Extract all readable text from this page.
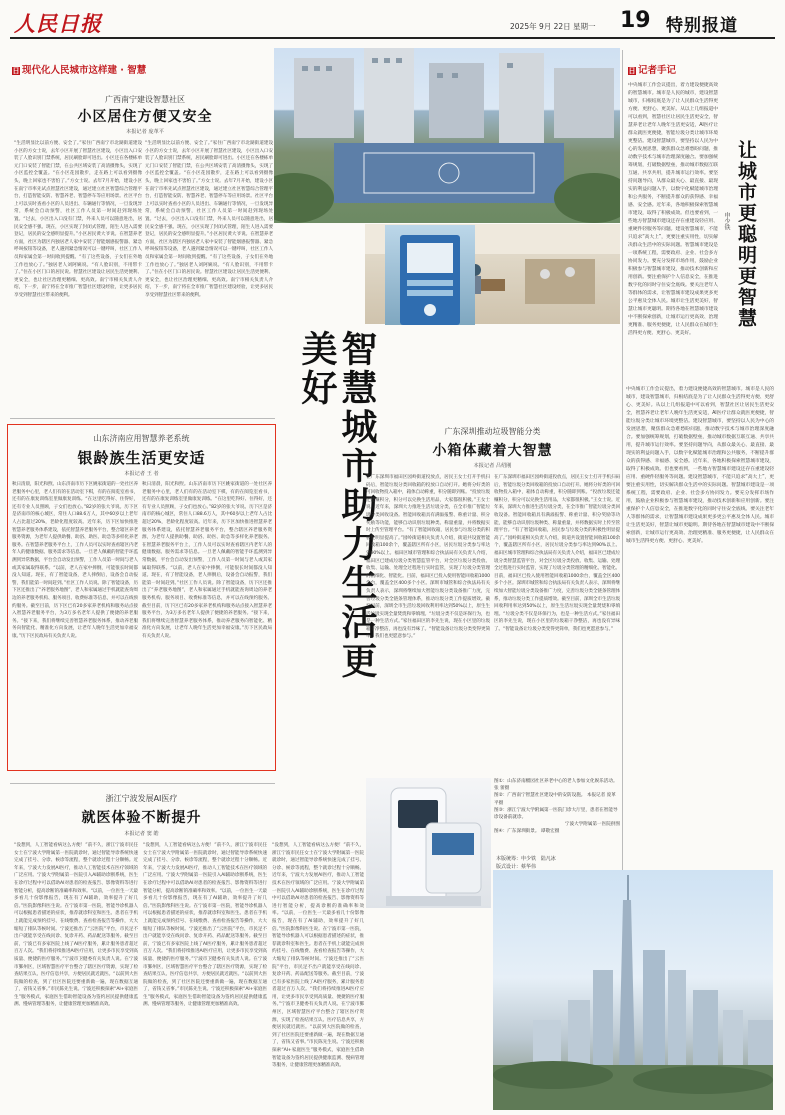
人民日报	2025年 9月 22日 星期一 19 特别报道
日 现代化人民城市这样建 · 智慧
广西南宁建设智慧社区
小区居住方便又安全
本报记者 庞革平
“生活明显比以前方便、安全了。”家住广西南宁市北湖街道建设小区的方女士说，去年小区开展了智慧社区建设，小区出入口安装了人脸识别门禁系统，居民刷脸即可进出。小区还在各楼栋单元门口安装了智能门禁，在公共区域安装了高清摄像头，实现了小区监控全覆盖。“在小区花园散步，走在路上可以看到摄像头，晚上回家也不害怕了。”方女士说。去年7月开始，建设小区在南宁市率先试点智慧社区建设，通过建立社区智慧综合管理平台，打造智能安防、智慧养老、智慧停车等应用场景。社区平台上可以实时查看小区的人员进出、车辆通行等情况，一旦发现异常，系统会自动预警，社区工作人员第一时间赶到现场处置。“过去，小区出入口没有门禁，外来人员可以随意进出，居民安全感不强。现在，小区实现了封闭式管理，陌生人进入需要登记，居民的安全感明显提升。”小区居民黄大爷说。在智慧养老方面，社区为辖区内独居老人家中安装了智能烟感报警器、紧急呼叫按钮等设备，老人遇到紧急情况可以一键呼叫，社区工作人员和家属会第一时间收到提醒。“有了这些设备，子女们在外地工作也放心了。”独居老人刘阿姨说。“有人脸识别，不用带卡了。”住在小区门口的居民说。智慧社区建设让居民生活更便利、更安全，也让社区治理更精细、更高效。南宁市相关负责人介绍，下一步，南宁将在全市推广智慧社区建设经验，让更多居民享受到智慧社区带来的便利。
“生活明显比以前方便、安全了。”家住广西南宁市北湖街道建设小区的方女士说，去年小区开展了智慧社区建设，小区出入口安装了人脸识别门禁系统，居民刷脸即可进出。小区还在各楼栋单元门口安装了智能门禁，在公共区域安装了高清摄像头，实现了小区监控全覆盖。“在小区花园散步，走在路上可以看到摄像头，晚上回家也不害怕了。”方女士说。去年7月开始，建设小区在南宁市率先试点智慧社区建设，通过建立社区智慧综合管理平台，打造智能安防、智慧养老、智慧停车等应用场景。社区平台上可以实时查看小区的人员进出、车辆通行等情况，一旦发现异常，系统会自动预警，社区工作人员第一时间赶到现场处置。“过去，小区出入口没有门禁，外来人员可以随意进出，居民安全感不强。现在，小区实现了封闭式管理，陌生人进入需要登记，居民的安全感明显提升。”小区居民黄大爷说。在智慧养老方面，社区为辖区内独居老人家中安装了智能烟感报警器、紧急呼叫按钮等设备，老人遇到紧急情况可以一键呼叫，社区工作人员和家属会第一时间收到提醒。“有了这些设备，子女们在外地工作也放心了。”独居老人刘阿姨说。“有人脸识别，不用带卡了。”住在小区门口的居民说。智慧社区建设让居民生活更便利、更安全，也让社区治理更精细、更高效。南宁市相关负责人介绍，下一步，南宁将在全市推广智慧社区建设经验，让更多居民享受到智慧社区带来的便利。
智慧城市助力生活更美好
山东济南应用智慧养老系统
银龄族生活更安适
本报记者 王 者
秋日清晨，阳光和煦。山东济南市历下区姚家街道的一处社区养老服务中心里，老人们有的在活动室下棋，有的在阅览室看书，还有的在康复训练室里做康复训练。“在这里吃得好、住得好，还有专业人员照顾，子女们也放心。”82岁的张大爷说。历下区是济南市的核心城区，常住人口88.6万人，其中60岁以上老年人占比超过20%，老龄化程度较高。近年来，历下区加快推进智慧养老服务体系建设，依托智慧养老服务平台，整合辖区养老服务资源，为老年人提供助餐、助浴、助医、助急等多样化养老服务。在智慧养老服务平台上，工作人员可以实时查看辖区内老年人的健康数据、服务需求等信息。一旦老人佩戴的智能手环监测到异常数据，平台会自动发出预警，工作人员第一时间与老人或其家属取得联系。“以前，老人在家中摔倒，可能很长时间都没人知道。现在，有了智能设备，老人摔倒后，设备会自动报警，我们能第一时间赶到。”社区工作人员说。除了智能设备，历下区还推出了“养老服务地图”，老人和家属通过手机就能查询周边的养老服务机构、服务项目、收费标准等信息，并可以在线预约服务。截至目前，历下区已有20多家养老机构和服务站点接入智慧养老服务平台，为3万多名老年人提供了便捷的养老服务。“接下来，我们将继续完善智慧养老服务体系，推动养老服务向智能化、精准化方向发展，让老年人晚年生活更加幸福安康。”历下区民政局有关负责人说。
秋日清晨，阳光和煦。山东济南市历下区姚家街道的一处社区养老服务中心里，老人们有的在活动室下棋，有的在阅览室看书，还有的在康复训练室里做康复训练。“在这里吃得好、住得好，还有专业人员照顾，子女们也放心。”82岁的张大爷说。历下区是济南市的核心城区，常住人口88.6万人，其中60岁以上老年人占比超过20%，老龄化程度较高。近年来，历下区加快推进智慧养老服务体系建设，依托智慧养老服务平台，整合辖区养老服务资源，为老年人提供助餐、助浴、助医、助急等多样化养老服务。在智慧养老服务平台上，工作人员可以实时查看辖区内老年人的健康数据、服务需求等信息。一旦老人佩戴的智能手环监测到异常数据，平台会自动发出预警，工作人员第一时间与老人或其家属取得联系。“以前，老人在家中摔倒，可能很长时间都没人知道。现在，有了智能设备，老人摔倒后，设备会自动报警，我们能第一时间赶到。”社区工作人员说。除了智能设备，历下区还推出了“养老服务地图”，老人和家属通过手机就能查询周边的养老服务机构、服务项目、收费标准等信息，并可以在线预约服务。截至目前，历下区已有20多家养老机构和服务站点接入智慧养老服务平台，为3万多名老年人提供了便捷的养老服务。“接下来，我们将继续完善智慧养老服务体系，推动养老服务向智能化、精准化方向发展，让老年人晚年生活更加幸福安康。”历下区民政局有关负责人说。
广东深圳推动垃圾智能分类
小箱体藏着大智慧
本报记者 吕绍刚
在广东深圳市福田区园岭街道投放点，居民王女士打开手机扫码后，智能垃圾分类回收箱的投放口自动打开。她将分好类的可回收物投入箱中，箱体自动称重，积分随即到账。“投放垃圾还能赚积分，积分可以兑换生活用品，大家都很积极。”王女士说。近年来，深圳大力推进生活垃圾分类，在全市推广智能垃圾分类回收设备。智能回收箱具有满溢报警、称重计量、积分奖励等功能，能够自动识别垃圾种类、称量重量，并将数据实时上传至管理平台。“有了智能回收箱，居民参与垃圾分类的积极性明显提高了。”园岭街道相关负责人介绍，街道共设置智能回收箱100余个，覆盖辖区所有小区，居民垃圾分类参与率达到90%以上。福田区城市管理和综合执法局有关负责人介绍，福田区已建成垃圾分类智慧监管平台，对全区垃圾分类投放、收集、运输、处理全过程进行实时监管，实现了垃圾分类管理的精细化、智能化。目前，福田区已投入使用智能回收箱1000余台，覆盖全区400多个小区。深圳市城管和综合执法局有关负责人表示，深圳将继续加大智能垃圾分类设备推广力度，完善垃圾分类全链条管理体系，推动垃圾分类工作提质增效。截至目前，深圳全市生活垃圾回收利用率达到50%以上，原生生活垃圾实现全量焚烧和零填埋。“垃圾分类不仅是环保行为，也是一种生活方式。”家住福田区的李先生说，现在小区里的垃圾箱干净整洁，再也没有异味了。“智能设备让垃圾分类变得更简单，我们也更愿意参与。”
在广东深圳市福田区园岭街道投放点，居民王女士打开手机扫码后，智能垃圾分类回收箱的投放口自动打开。她将分好类的可回收物投入箱中，箱体自动称重，积分随即到账。“投放垃圾还能赚积分，积分可以兑换生活用品，大家都很积极。”王女士说。近年来，深圳大力推进生活垃圾分类，在全市推广智能垃圾分类回收设备。智能回收箱具有满溢报警、称重计量、积分奖励等功能，能够自动识别垃圾种类、称量重量，并将数据实时上传至管理平台。“有了智能回收箱，居民参与垃圾分类的积极性明显提高了。”园岭街道相关负责人介绍，街道共设置智能回收箱100余个，覆盖辖区所有小区，居民垃圾分类参与率达到90%以上。福田区城市管理和综合执法局有关负责人介绍，福田区已建成垃圾分类智慧监管平台，对全区垃圾分类投放、收集、运输、处理全过程进行实时监管，实现了垃圾分类管理的精细化、智能化。目前，福田区已投入使用智能回收箱1000余台，覆盖全区400多个小区。深圳市城管和综合执法局有关负责人表示，深圳将继续加大智能垃圾分类设备推广力度，完善垃圾分类全链条管理体系，推动垃圾分类工作提质增效。截至目前，深圳全市生活垃圾回收利用率达到50%以上，原生生活垃圾实现全量焚烧和零填埋。“垃圾分类不仅是环保行为，也是一种生活方式。”家住福田区的李先生说，现在小区里的垃圾箱干净整洁，再也没有异味了。“智能设备让垃圾分类变得更简单，我们也更愿意参与。”
图①：山东济南榴园社区养老中心的老人参加文化娱乐活动。 张 蕾摄
图②：广西南宁智慧社区建设中的安防设施。 本报记者 庞革平摄
图③：浙江宁波大学附属第一医院门诊大厅里，患者在智能导诊设备前就诊。
宁波大学附属第一医院供图
图④：广东深圳街景。 谭敬宏摄
本版统筹：申少铁   陆凡冰
版式设计：蔡华伟
浙江宁波发展AI医疗
就医体验不断提升
本报记者 窦 皓
“没想到，人工智能看病这么方便！”前不久，浙江宁波市民任女士在宁波大学附属第一医院就诊时，通过智能导诊系统快速完成了挂号、分诊、候诊等流程，整个就诊过程十分顺畅。近年来，宁波大力发展AI医疗，推动人工智能技术在医疗领域的广泛应用。宁波大学附属第一医院引入AI辅助诊断系统，医生在诊疗过程中可以借助AI对患者的检查报告、影像资料等进行智能分析，提高诊断的准确率和效率。“以前，一位医生一天最多看几十份影像报告，现在有了AI辅助，效率提升了好几倍。”医院影像科医生说。在宁波市第一医院，智能导诊机器人可以根据患者描述的症状，推荐就诊科室和医生。患者在手机上就能完成预约挂号、在线缴费、查看检查报告等操作，大大缩短了排队等候时间。宁波还推出了“云医院”平台，市民足不出户就能享受在线问诊、复诊开药、药品配送等服务。截至目前，宁波已有多家医院上线了AI医疗服务，累计服务患者超过百万人次。“我们将持续推进AI医疗应用，让更多市民享受到高质量、便捷的医疗服务。”宁波市卫健委有关负责人说。在宁波市鄞州区，区域智慧医疗平台整合了辖区医疗资源，实现了检查结果互认、医疗信息共享，方便居民就近就医。“以前到大医院做的检查，到了社区医院还要重新做一遍，现在数据互通了，省钱又省事。”市民陈先生说。宁波还积极探索“AI+家庭医生”服务模式，家庭医生借助智能设备为签约居民提供健康监测、慢病管理等服务，让健康管理更加精准高效。
“没想到，人工智能看病这么方便！”前不久，浙江宁波市民任女士在宁波大学附属第一医院就诊时，通过智能导诊系统快速完成了挂号、分诊、候诊等流程，整个就诊过程十分顺畅。近年来，宁波大力发展AI医疗，推动人工智能技术在医疗领域的广泛应用。宁波大学附属第一医院引入AI辅助诊断系统，医生在诊疗过程中可以借助AI对患者的检查报告、影像资料等进行智能分析，提高诊断的准确率和效率。“以前，一位医生一天最多看几十份影像报告，现在有了AI辅助，效率提升了好几倍。”医院影像科医生说。在宁波市第一医院，智能导诊机器人可以根据患者描述的症状，推荐就诊科室和医生。患者在手机上就能完成预约挂号、在线缴费、查看检查报告等操作，大大缩短了排队等候时间。宁波还推出了“云医院”平台，市民足不出户就能享受在线问诊、复诊开药、药品配送等服务。截至目前，宁波已有多家医院上线了AI医疗服务，累计服务患者超过百万人次。“我们将持续推进AI医疗应用，让更多市民享受到高质量、便捷的医疗服务。”宁波市卫健委有关负责人说。在宁波市鄞州区，区域智慧医疗平台整合了辖区医疗资源，实现了检查结果互认、医疗信息共享，方便居民就近就医。“以前到大医院做的检查，到了社区医院还要重新做一遍，现在数据互通了，省钱又省事。”市民陈先生说。宁波还积极探索“AI+家庭医生”服务模式，家庭医生借助智能设备为签约居民提供健康监测、慢病管理等服务，让健康管理更加精准高效。
“没想到，人工智能看病这么方便！”前不久，浙江宁波市民任女士在宁波大学附属第一医院就诊时，通过智能导诊系统快速完成了挂号、分诊、候诊等流程，整个就诊过程十分顺畅。近年来，宁波大力发展AI医疗，推动人工智能技术在医疗领域的广泛应用。宁波大学附属第一医院引入AI辅助诊断系统，医生在诊疗过程中可以借助AI对患者的检查报告、影像资料等进行智能分析，提高诊断的准确率和效率。“以前，一位医生一天最多看几十份影像报告，现在有了AI辅助，效率提升了好几倍。”医院影像科医生说。在宁波市第一医院，智能导诊机器人可以根据患者描述的症状，推荐就诊科室和医生。患者在手机上就能完成预约挂号、在线缴费、查看检查报告等操作，大大缩短了排队等候时间。宁波还推出了“云医院”平台，市民足不出户就能享受在线问诊、复诊开药、药品配送等服务。截至目前，宁波已有多家医院上线了AI医疗服务，累计服务患者超过百万人次。“我们将持续推进AI医疗应用，让更多市民享受到高质量、便捷的医疗服务。”宁波市卫健委有关负责人说。在宁波市鄞州区，区域智慧医疗平台整合了辖区医疗资源，实现了检查结果互认、医疗信息共享，方便居民就近就医。“以前到大医院做的检查，到了社区医院还要重新做一遍，现在数据互通了，省钱又省事。”市民陈先生说。宁波还积极探索“AI+家庭医生”服务模式，家庭医生借助智能设备为签约居民提供健康监测、慢病管理等服务，让健康管理更加精准高效。
日 记者手记
让城市更聪明更智慧
申少铁
中央城市工作会议提出，着力建设便捷高效的智慧城市。城市是人民的城市，建设智慧城市，归根结底是为了让人民群众生活得更方便、更舒心、更美好。从以上几组报道中可以看到，智慧社区让居民生活更安全，智慧养老让老年人晚年生活更安适，AI医疗让群众就医更便捷，智能垃圾分类让城市环境更整洁。建设智慧城市，要坚持以人民为中心的发展思想，聚焦群众急难愁盼问题，推动数字技术与城市治理深度融合。要加强统筹规划，打破数据壁垒，推动城市数据互联互通、共享共用，提升城市运行效率。要坚持问题导向，从群众最关心、最直接、最现实的利益问题入手，以数字化赋能城市治理和公共服务，不断提升群众的获得感、幸福感、安全感。近年来，各地积极探索智慧城市建设，取得了积极成效。但也要看到，一些地方智慧城市建设还存在重建设轻应用、重硬件轻服务等问题。建设智慧城市，不能只追求“高大上”，更要注重实用性，切实解决群众生活中的实际问题。智慧城市建设是一项系统工程，需要政府、企业、社会多方协同发力。要充分发挥市场作用，鼓励企业积极参与智慧城市建设，推动技术创新和应用创新。要注重保护个人信息安全，在推进数字化的同时守住安全底线。要关注老年人等群体的需求，让智慧城市建设成果更多更公平惠及全体人民。城市让生活更美好，智慧让城市更聪明。期待各地在智慧城市建设中不断探索创新，让城市运行更高效、治理更精准、服务更便捷，让人民群众在城市生活得更方便、更舒心、更美好。
中央城市工作会议提出，着力建设便捷高效的智慧城市。城市是人民的城市，建设智慧城市，归根结底是为了让人民群众生活得更方便、更舒心、更美好。从以上几组报道中可以看到，智慧社区让居民生活更安全，智慧养老让老年人晚年生活更安适，AI医疗让群众就医更便捷，智能垃圾分类让城市环境更整洁。建设智慧城市，要坚持以人民为中心的发展思想，聚焦群众急难愁盼问题，推动数字技术与城市治理深度融合。要加强统筹规划，打破数据壁垒，推动城市数据互联互通、共享共用，提升城市运行效率。要坚持问题导向，从群众最关心、最直接、最现实的利益问题入手，以数字化赋能城市治理和公共服务，不断提升群众的获得感、幸福感、安全感。近年来，各地积极探索智慧城市建设，取得了积极成效。但也要看到，一些地方智慧城市建设还存在重建设轻应用、重硬件轻服务等问题。建设智慧城市，不能只追求“高大上”，更要注重实用性，切实解决群众生活中的实际问题。智慧城市建设是一项系统工程，需要政府、企业、社会多方协同发力。要充分发挥市场作用，鼓励企业积极参与智慧城市建设，推动技术创新和应用创新。要注重保护个人信息安全，在推进数字化的同时守住安全底线。要关注老年人等群体的需求，让智慧城市建设成果更多更公平惠及全体人民。城市让生活更美好，智慧让城市更聪明。期待各地在智慧城市建设中不断探索创新，让城市运行更高效、治理更精准、服务更便捷，让人民群众在城市生活得更方便、更舒心、更美好。
